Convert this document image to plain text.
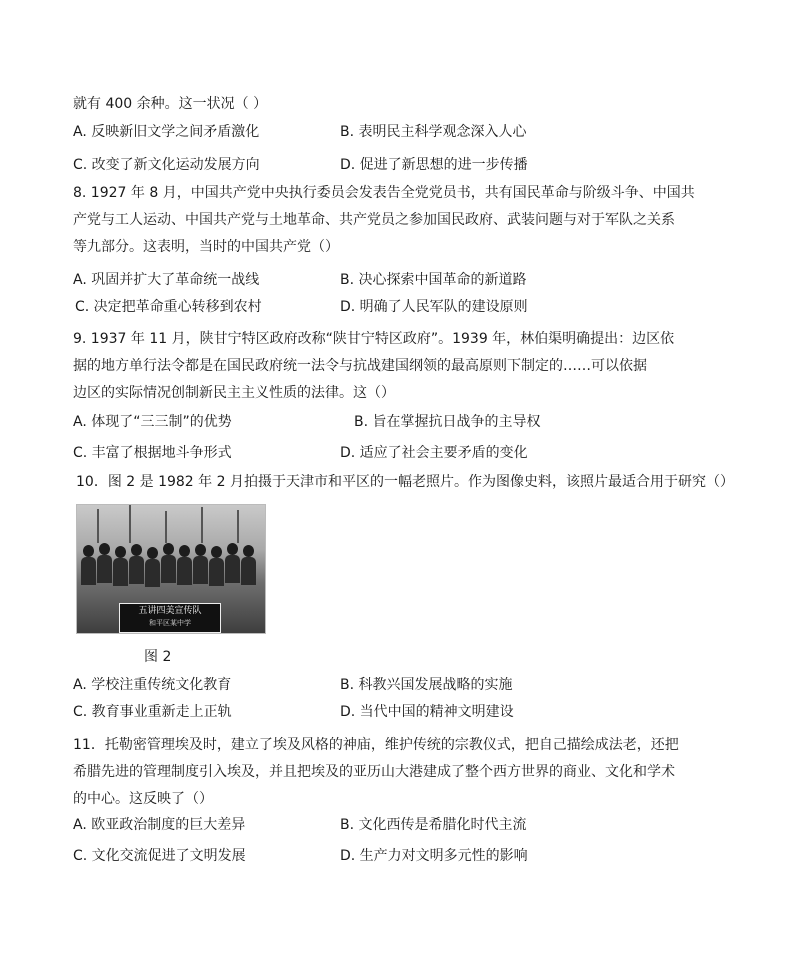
就有 400 余种。这一状况（ ）
A. 反映新旧文学之间矛盾激化	B. 表明民主科学观念深入人心
C. 改变了新文化运动发展方向	D. 促进了新思想的进一步传播
8. 1927 年 8 月，中国共产党中央执行委员会发表告全党党员书，共有国民革命与阶级斗争、中国共
产党与工人运动、中国共产党与土地革命、共产党员之参加国民政府、武装问题与对于军队之关系
等九部分。这表明，当时的中国共产党（）
A. 巩固并扩大了革命统一战线	B. 决心探索中国革命的新道路
C. 决定把革命重心转移到农村	D. 明确了人民军队的建设原则
9. 1937 年 11 月，陕甘宁特区政府改称“陕甘宁特区政府”。1939 年，林伯渠明确提出：边区依
据的地方单行法令都是在国民政府统一法令与抗战建国纲领的最高原则下制定的……可以依据
边区的实际情况创制新民主主义性质的法律。这（）
A. 体现了“三三制”的优势	B. 旨在掌握抗日战争的主导权
C. 丰富了根据地斗争形式	D. 适应了社会主要矛盾的变化
10．图 2 是 1982 年 2 月拍摄于天津市和平区的一幅老照片。作为图像史料，该照片最适合用于研究（）
五讲四美宣传队
和平区某中学
图 2
A. 学校注重传统文化教育	B. 科教兴国发展战略的实施
C. 教育事业重新走上正轨	D. 当代中国的精神文明建设
11．托勒密管理埃及时，建立了埃及风格的神庙，维护传统的宗教仪式，把自己描绘成法老，还把
希腊先进的管理制度引入埃及，并且把埃及的亚历山大港建成了整个西方世界的商业、文化和学术
的中心。这反映了（）
A. 欧亚政治制度的巨大差异	B. 文化西传是希腊化时代主流
C. 文化交流促进了文明发展	D. 生产力对文明多元性的影响
